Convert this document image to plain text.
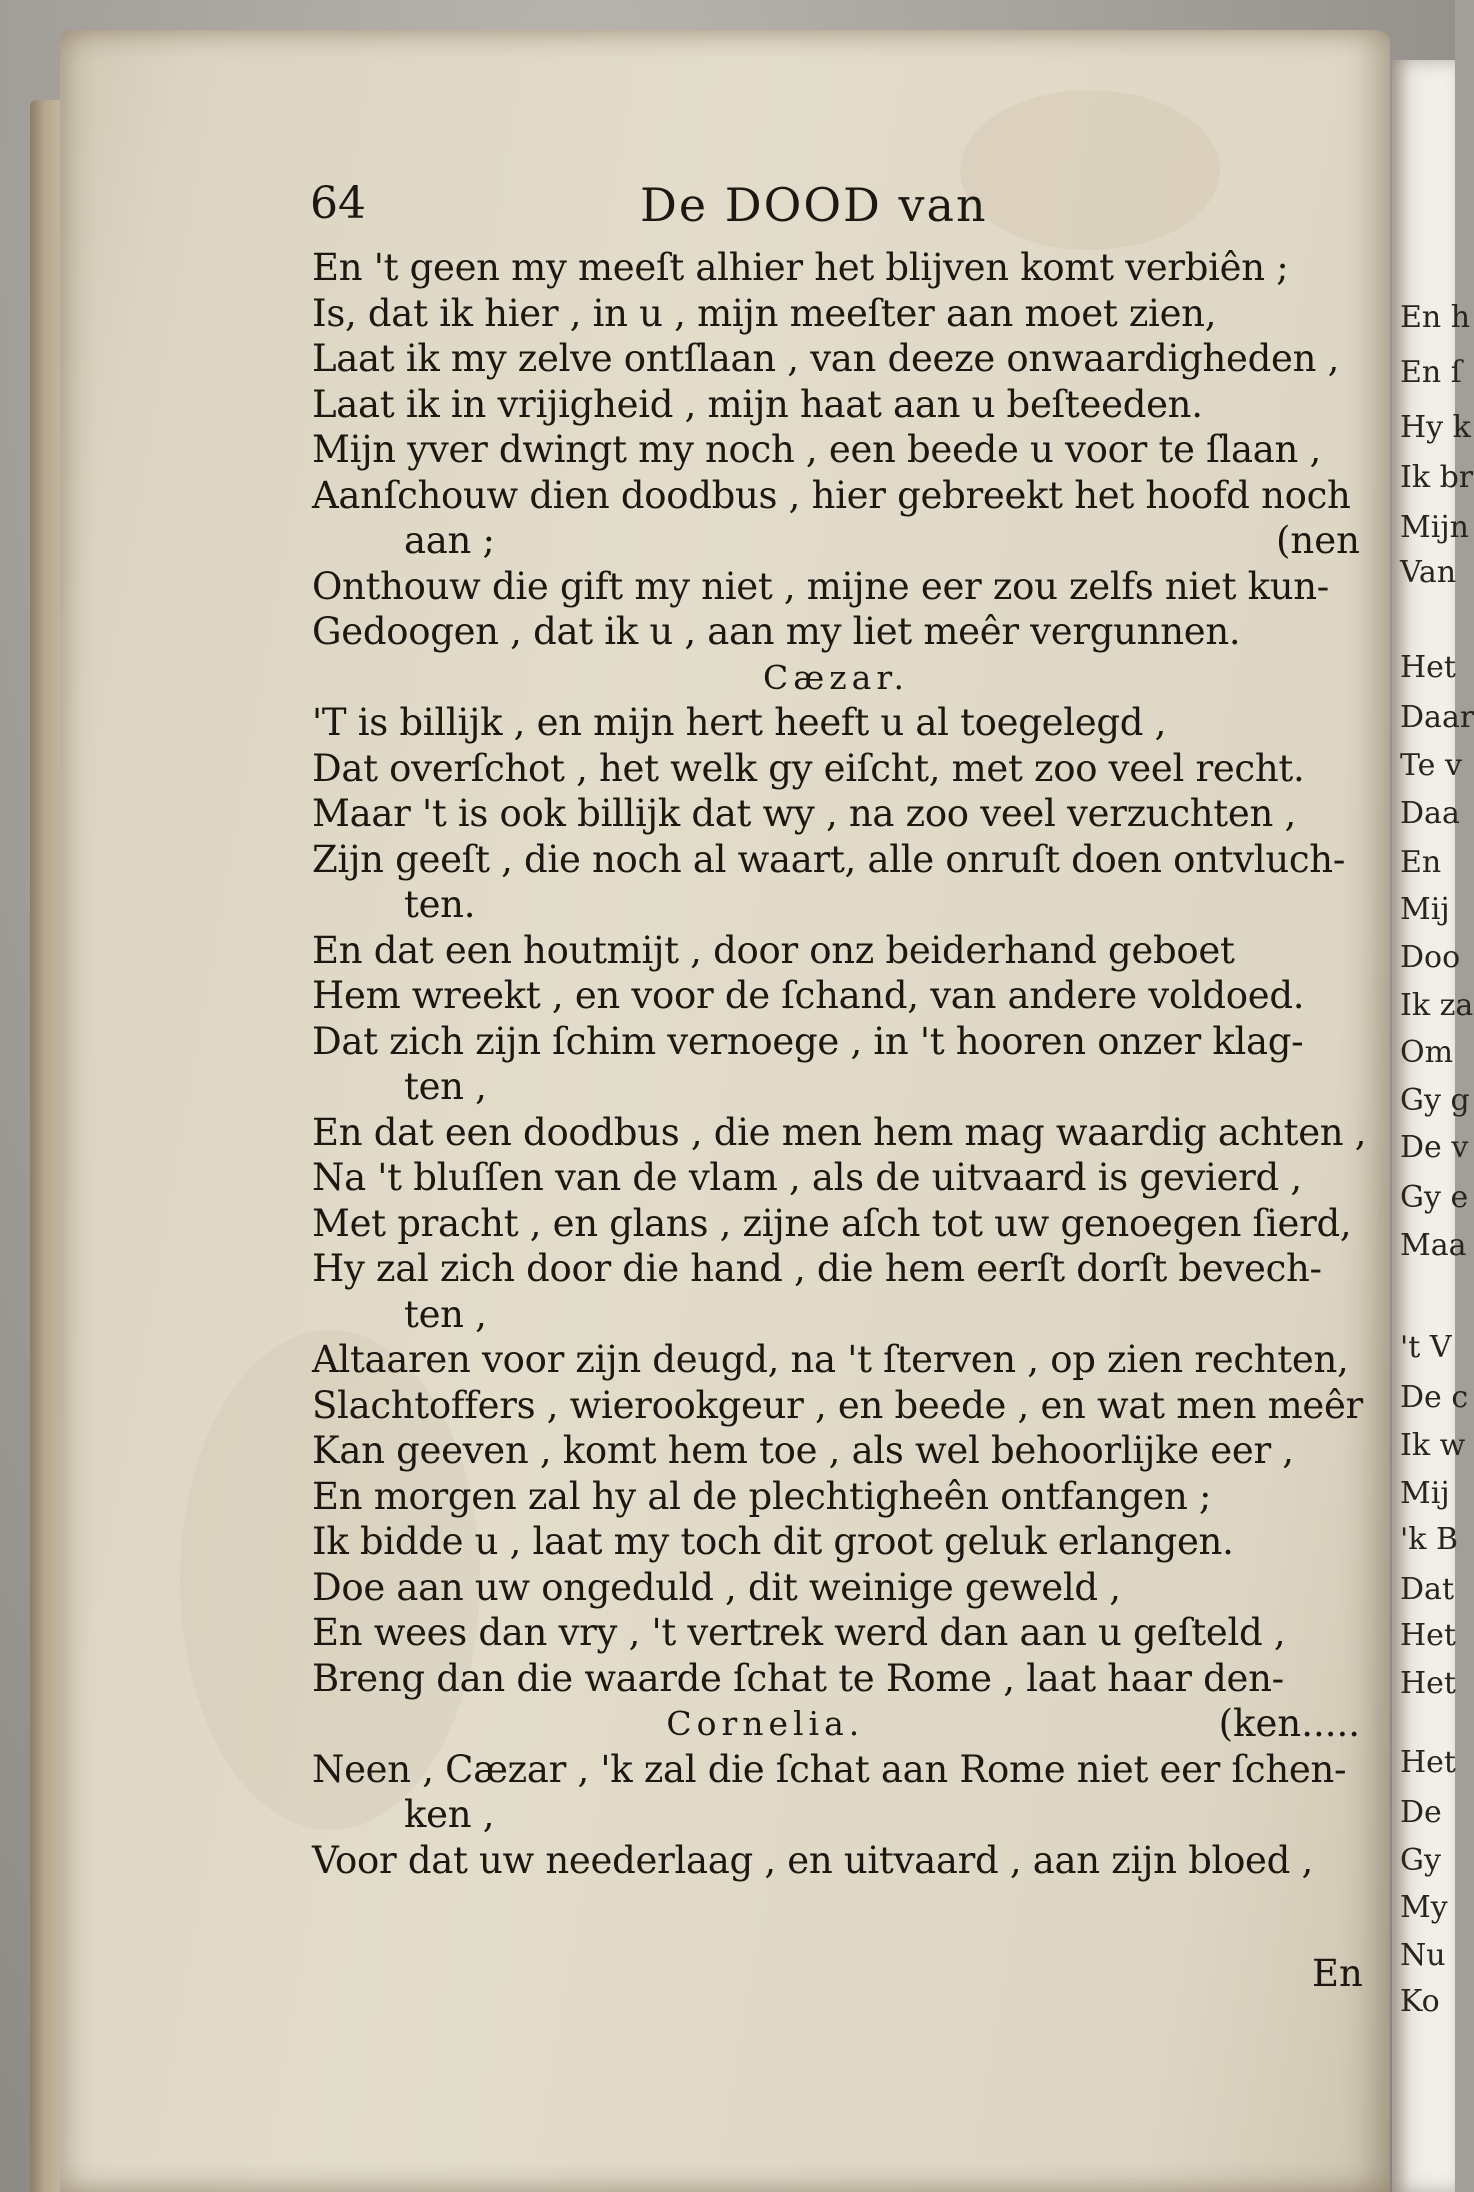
En h
En ſ
Hy k
Ik br
Mijn
Van
Het
Daar
Te v
Daa
En
Mij
Doo
Ik za
Om
Gy g
De v
Gy e
Maa
't V
De c
Ik w
Mij
'k B
Dat
Het
Het
Het
De
Gy
My
Nu
Ko
64	De DOOD van
En 't geen my meeſt alhier het blijven komt verbiên ;
Is, dat ik hier , in u , mijn meeſter aan moet zien,
Laat ik my zelve ontſlaan , van deeze onwaardigheden ,
Laat ik in vrijigheid , mijn haat aan u beſteeden.
Mijn yver dwingt my noch , een beede u voor te ſlaan ,
Aanſchouw dien doodbus , hier gebreekt het hoofd noch
aan ;	(nen
Onthouw die gift my niet , mijne eer zou zelfs niet kun-
Gedoogen , dat ik u , aan my liet meêr vergunnen.
Cæzar.
'T is billijk , en mijn hert heeft u al toegelegd ,
Dat overſchot , het welk gy eiſcht, met zoo veel recht.
Maar 't is ook billijk dat wy , na zoo veel verzuchten ,
Zijn geeſt , die noch al waart, alle onruſt doen ontvluch-
ten.
En dat een houtmijt , door onz beiderhand geboet
Hem wreekt , en voor de ſchand, van andere voldoed.
Dat zich zijn ſchim vernoege , in 't hooren onzer klag-
ten ,
En dat een doodbus , die men hem mag waardig achten ,
Na 't bluſſen van de vlam , als de uitvaard is gevierd ,
Met pracht , en glans , zijne aſch tot uw genoegen ſierd,
Hy zal zich door die hand , die hem eerſt dorſt bevech-
ten ,
Altaaren voor zijn deugd, na 't ſterven , op zien rechten,
Slachtoffers , wierookgeur , en beede , en wat men meêr
Kan geeven , komt hem toe , als wel behoorlijke eer ,
En morgen zal hy al de plechtigheên ontfangen ;
Ik bidde u , laat my toch dit groot geluk erlangen.
Doe aan uw ongeduld , dit weinige geweld ,
En wees dan vry , 't vertrek werd dan aan u geſteld ,
Breng dan die waarde ſchat te Rome , laat haar den-
Cornelia.	(ken.....
Neen , Cæzar , 'k zal die ſchat aan Rome niet eer ſchen-
ken ,
Voor dat uw neederlaag , en uitvaard , aan zijn bloed ,
En
